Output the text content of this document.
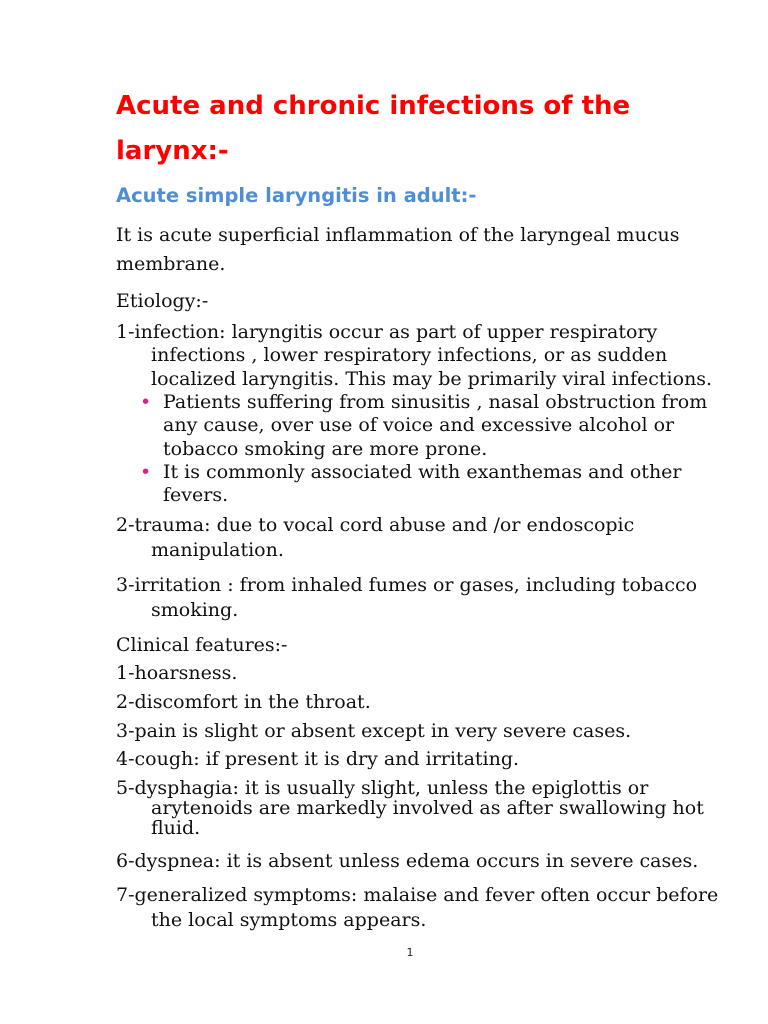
Acute and chronic infections of the larynx:-
Acute simple laryngitis in adult:-

It is acute superficial inflammation of the laryngeal mucus membrane.

Etiology:-

1-infection: laryngitis occur as part of upper respiratory infections , lower respiratory infections, or as sudden localized laryngitis. This may be primarily viral infections.

• Patients suffering from sinusitis , nasal obstruction from any cause, over use of voice and excessive alcohol or tobacco smoking are more prone.
• It is commonly associated with exanthemas and other fevers.

2-trauma: due to vocal cord abuse and /or endoscopic manipulation.

3-irritation : from inhaled fumes or gases, including tobacco smoking.

Clinical features:-

1-hoarsness.

2-discomfort in the throat.

3-pain is slight or absent except in very severe cases.

4-cough: if present it is dry and irritating.

5-dysphagia: it is usually slight, unless the epiglottis or arytenoids are markedly involved as after swallowing hot fluid.

6-dyspnea: it is absent unless edema occurs in severe cases.

7-generalized symptoms: malaise and fever often occur before the local symptoms appears.

1
